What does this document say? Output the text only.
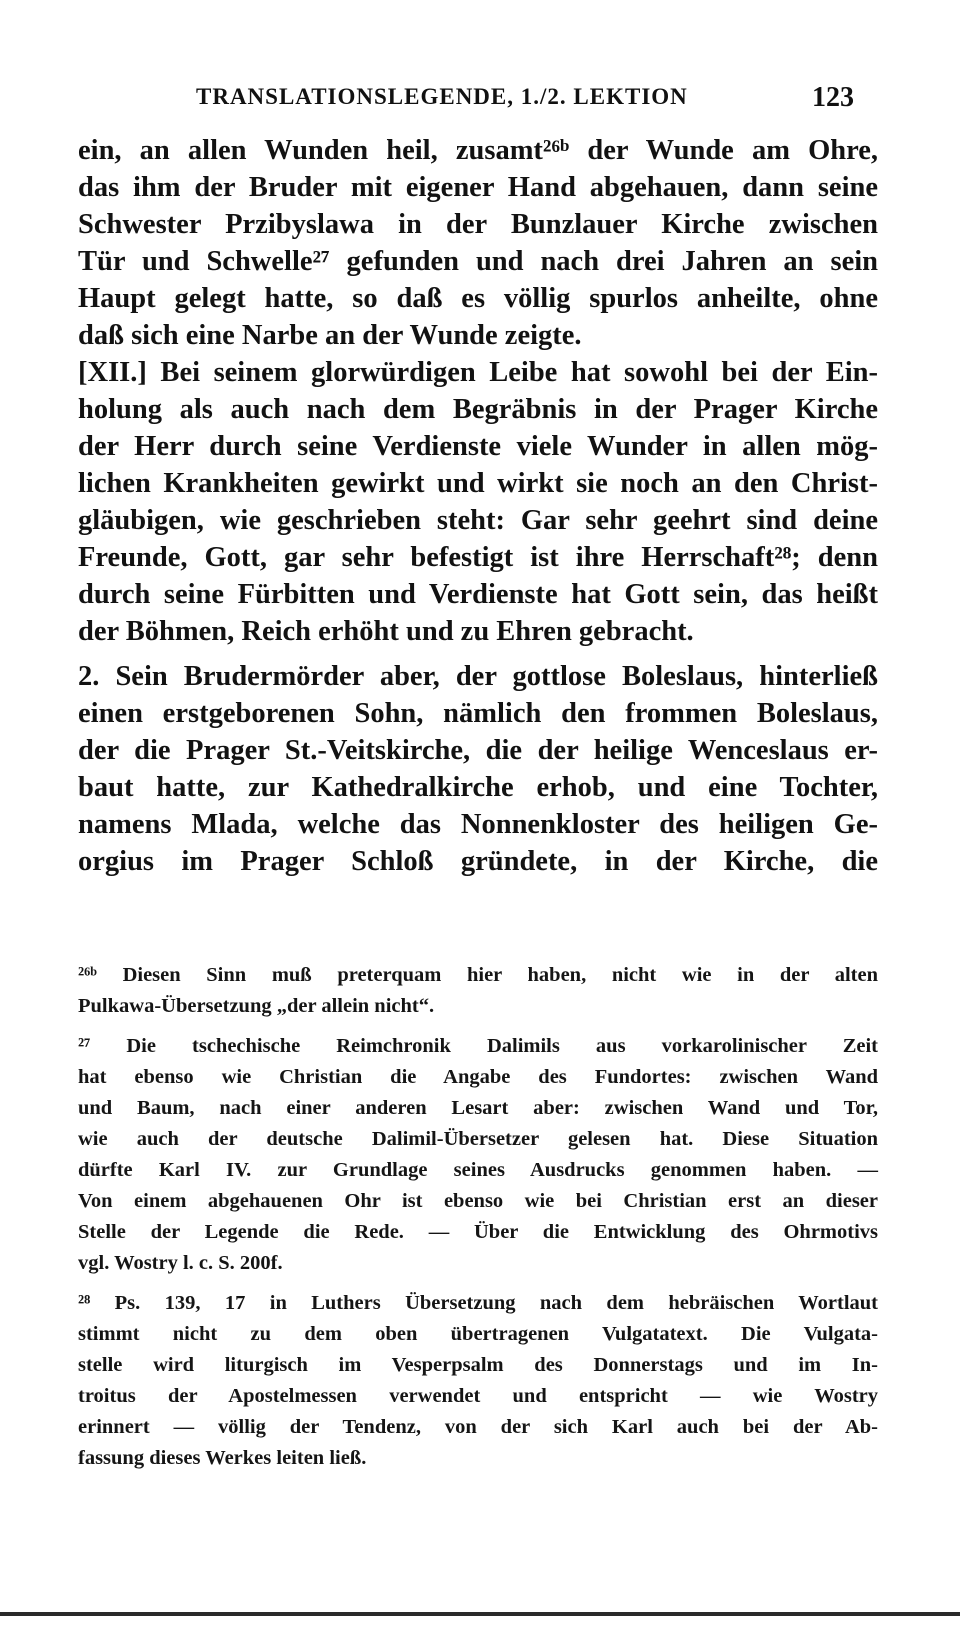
TRANSLATIONSLEGENDE, 1./2. LEKTION	123
ein, an allen Wunden heil, zusamt²⁶ᵇ der Wunde am Ohre,
das ihm der Bruder mit eigener Hand abgehauen, dann seine
Schwester Przibyslawa in der Bunzlauer Kirche zwischen
Tür und Schwelle²⁷ gefunden und nach drei Jahren an sein
Haupt gelegt hatte, so daß es völlig spurlos anheilte, ohne
daß sich eine Narbe an der Wunde zeigte.
[XII.] Bei seinem glorwürdigen Leibe hat sowohl bei der Ein-
holung als auch nach dem Begräbnis in der Prager Kirche
der Herr durch seine Verdienste viele Wunder in allen mög-
lichen Krankheiten gewirkt und wirkt sie noch an den Christ-
gläubigen, wie geschrieben steht: Gar sehr geehrt sind deine
Freunde, Gott, gar sehr befestigt ist ihre Herrschaft²⁸; denn
durch seine Fürbitten und Verdienste hat Gott sein, das heißt
der Böhmen, Reich erhöht und zu Ehren gebracht.
2. Sein Brudermörder aber, der gottlose Boleslaus, hinterließ
einen erstgeborenen Sohn, nämlich den frommen Boleslaus,
der die Prager St.-Veitskirche, die der heilige Wenceslaus er-
baut hatte, zur Kathedralkirche erhob, und eine Tochter,
namens Mlada, welche das Nonnenkloster des heiligen Ge-
orgius im Prager Schloß gründete, in der Kirche, die
²⁶ᵇ Diesen Sinn muß preterquam hier haben, nicht wie in der alten
Pulkawa-Übersetzung „der allein nicht“.
²⁷ Die tschechische Reimchronik Dalimils aus vorkarolinischer Zeit
hat ebenso wie Christian die Angabe des Fundortes: zwischen Wand
und Baum, nach einer anderen Lesart aber: zwischen Wand und Tor,
wie auch der deutsche Dalimil-Übersetzer gelesen hat. Diese Situation
dürfte Karl IV. zur Grundlage seines Ausdrucks genommen haben. —
Von einem abgehauenen Ohr ist ebenso wie bei Christian erst an dieser
Stelle der Legende die Rede. — Über die Entwicklung des Ohrmotivs
vgl. Wostry l. c. S. 200f.
²⁸ Ps. 139, 17 in Luthers Übersetzung nach dem hebräischen Wortlaut
stimmt nicht zu dem oben übertragenen Vulgatatext. Die Vulgata-
stelle wird liturgisch im Vesperpsalm des Donnerstags und im In-
troitus der Apostelmessen verwendet und entspricht — wie Wostry
erinnert — völlig der Tendenz, von der sich Karl auch bei der Ab-
fassung dieses Werkes leiten ließ.
